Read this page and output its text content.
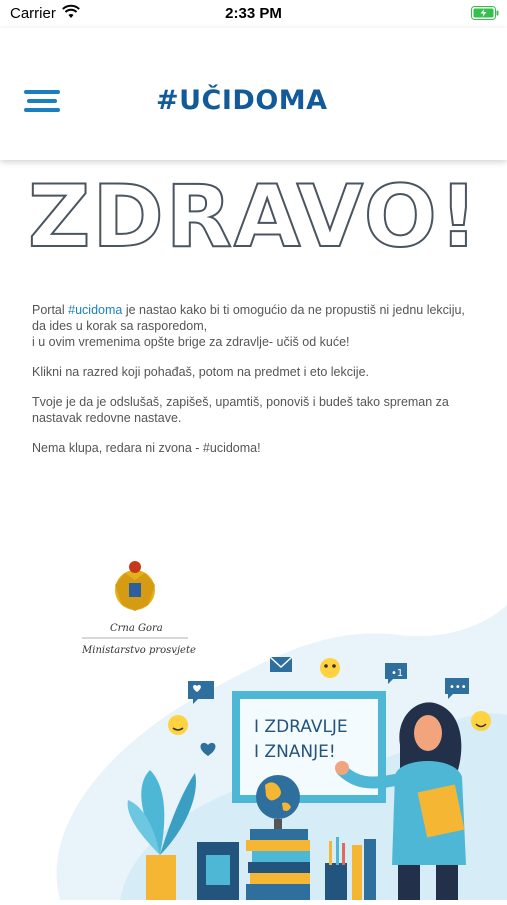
Carrier	2:33 PM
#UČIDOMA
ZDRAVO!

Portal #ucidoma je nastao kako bi ti omogućio da ne propustiš ni jednu lekciju, da ides u korak sa rasporedom,
i u ovim vremenima opšte brige za zdravlje- učiš od kuće!

Klikni na razred koji pohađaš, potom na predmet i eto lekcije.

Tvoje je da je odslušaš, zapišeš, upamtiš, ponoviš i budeš tako spreman za nastavak redovne nastave.

Nema klupa, redara ni zvona - #ucidoma!

Crna Gora
Ministarstvo prosvjete
•1
•••
I ZDRAVLJE
I ZNANJE!
